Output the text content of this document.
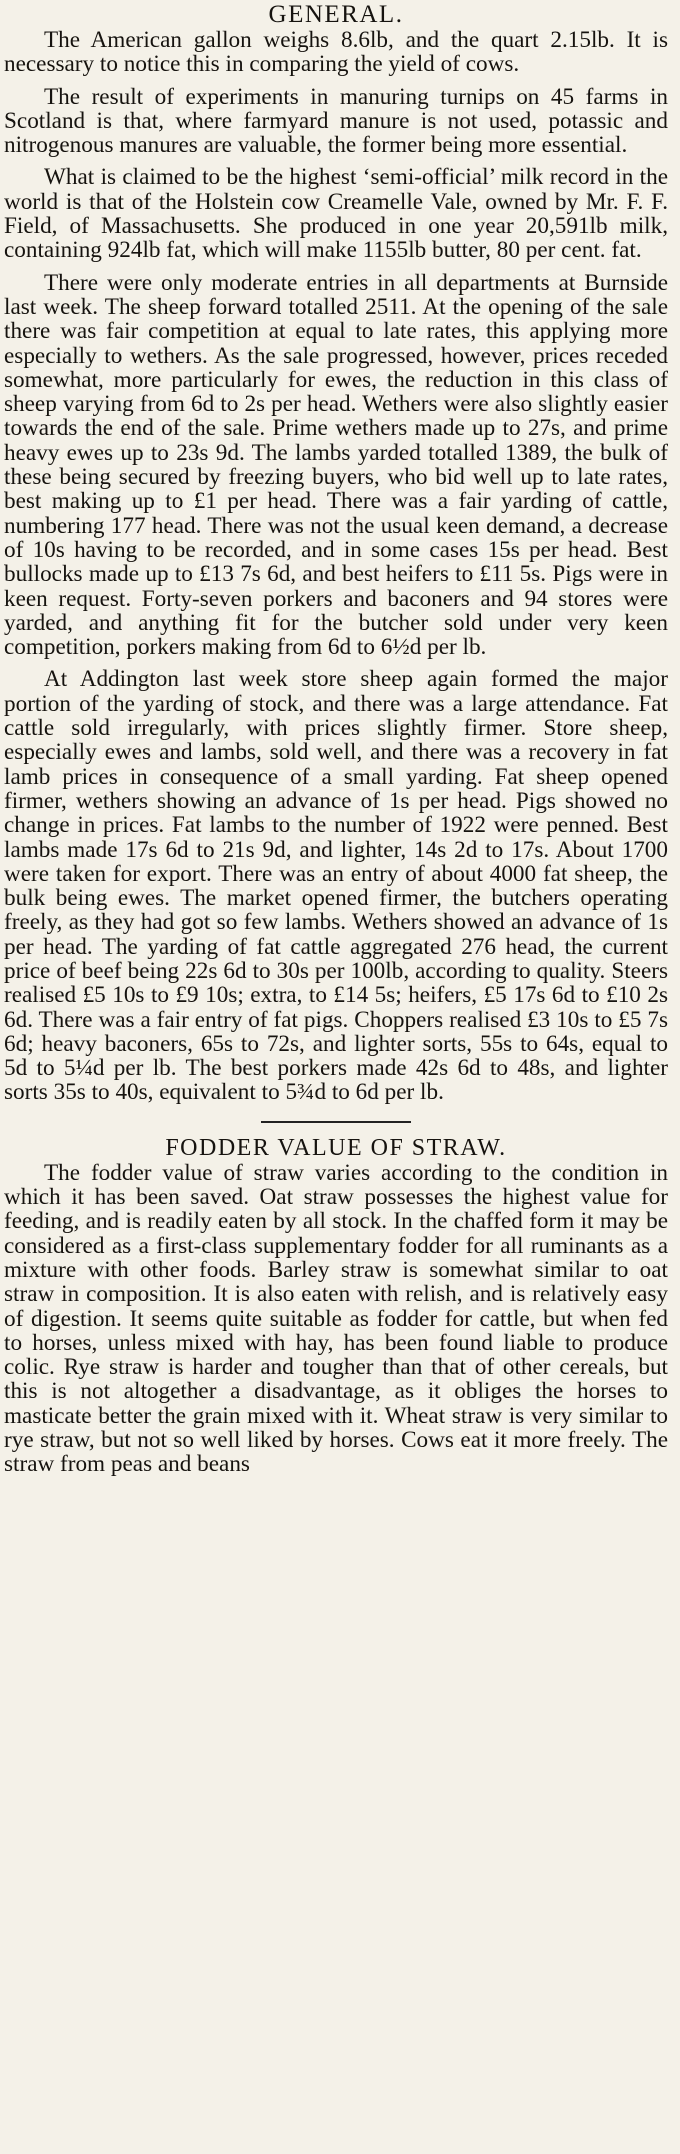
GENERAL.

The American gallon weighs 8.6lb, and the quart 2.15lb. It is necessary to notice this in comparing the yield of cows.

The result of experiments in manuring turnips on 45 farms in Scotland is that, where farmyard manure is not used, potassic and nitrogenous manures are valuable, the former being more essential.

What is claimed to be the highest ‘semi-official’ milk record in the world is that of the Holstein cow Creamelle Vale, owned by Mr. F. F. Field, of Massachusetts. She produced in one year 20,591lb milk, containing 924lb fat, which will make 1155lb butter, 80 per cent. fat.

There were only moderate entries in all departments at Burnside last week. The sheep forward totalled 2511. At the opening of the sale there was fair competition at equal to late rates, this applying more especially to wethers. As the sale progressed, however, prices receded somewhat, more particularly for ewes, the reduction in this class of sheep varying from 6d to 2s per head. Wethers were also slightly easier towards the end of the sale. Prime wethers made up to 27s, and prime heavy ewes up to 23s 9d. The lambs yarded totalled 1389, the bulk of these being secured by freezing buyers, who bid well up to late rates, best making up to £1 per head. There was a fair yarding of cattle, numbering 177 head. There was not the usual keen demand, a decrease of 10s having to be recorded, and in some cases 15s per head. Best bullocks made up to £13 7s 6d, and best heifers to £11 5s. Pigs were in keen request. Forty-seven porkers and baconers and 94 stores were yarded, and anything fit for the butcher sold under very keen competition, porkers making from 6d to 6½d per lb.

At Addington last week store sheep again formed the major portion of the yarding of stock, and there was a large attendance. Fat cattle sold irregularly, with prices slightly firmer. Store sheep, especially ewes and lambs, sold well, and there was a recovery in fat lamb prices in consequence of a small yarding. Fat sheep opened firmer, wethers showing an advance of 1s per head. Pigs showed no change in prices. Fat lambs to the number of 1922 were penned. Best lambs made 17s 6d to 21s 9d, and lighter, 14s 2d to 17s. About 1700 were taken for export. There was an entry of about 4000 fat sheep, the bulk being ewes. The market opened firmer, the butchers operating freely, as they had got so few lambs. Wethers showed an advance of 1s per head. The yarding of fat cattle aggregated 276 head, the current price of beef being 22s 6d to 30s per 100lb, according to quality. Steers realised £5 10s to £9 10s; extra, to £14 5s; heifers, £5 17s 6d to £10 2s 6d. There was a fair entry of fat pigs. Choppers realised £3 10s to £5 7s 6d; heavy baconers, 65s to 72s, and lighter sorts, 55s to 64s, equal to 5d to 5¼d per lb. The best porkers made 42s 6d to 48s, and lighter sorts 35s to 40s, equivalent to 5¾d to 6d per lb.

FODDER VALUE OF STRAW.

The fodder value of straw varies according to the condition in which it has been saved. Oat straw possesses the highest value for feeding, and is readily eaten by all stock. In the chaffed form it may be considered as a first-class supplementary fodder for all ruminants as a mixture with other foods. Barley straw is somewhat similar to oat straw in composition. It is also eaten with relish, and is relatively easy of digestion. It seems quite suitable as fodder for cattle, but when fed to horses, unless mixed with hay, has been found liable to produce colic. Rye straw is harder and tougher than that of other cereals, but this is not altogether a disadvantage, as it obliges the horses to masticate better the grain mixed with it. Wheat straw is very similar to rye straw, but not so well liked by horses. Cows eat it more freely. The straw from peas and beans
